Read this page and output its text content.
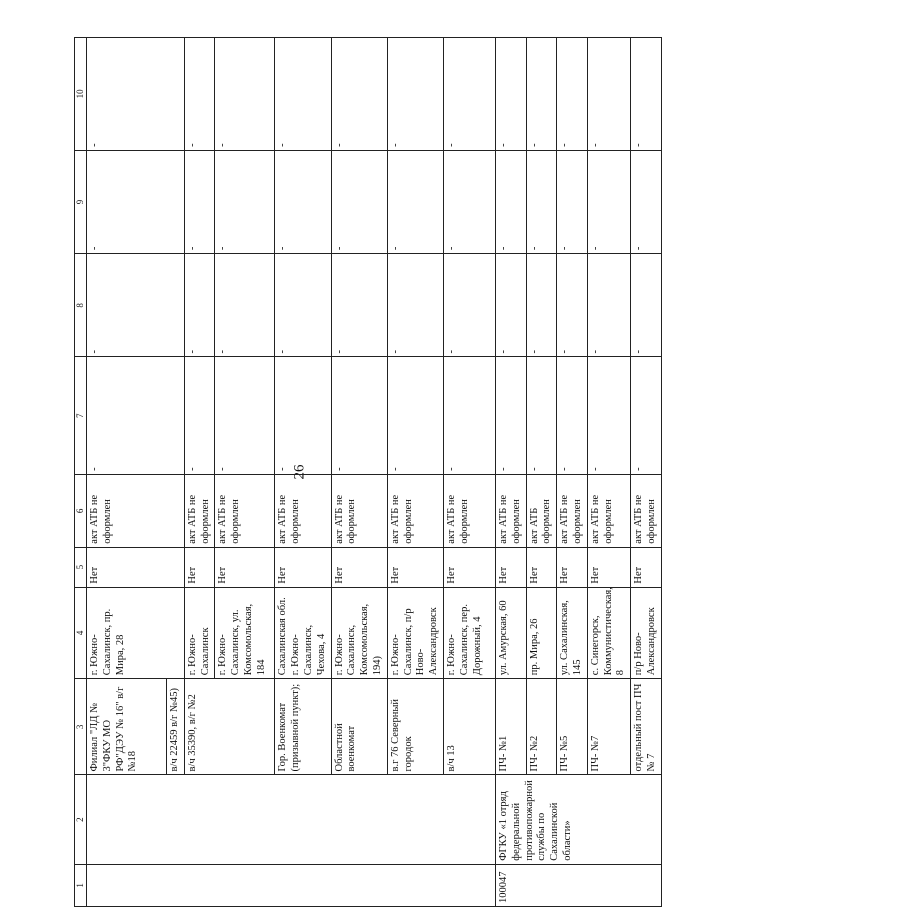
26
1	2	3	4	5	6	7	8	9	10
		Филиал "ЛД № 3"ФКУ МО РФ"ДЭУ № 16" в/г №18	г. Южно-Сахалинск, пр. Мира, 28	Нет	акт АТБ не оформлен	-	-	-	-
		в/ч 22459 в/г №45)							
		в/ч 35390, в/г №2	г. Южно-Сахалинск	Нет	акт АТБ не оформлен	-	-	-	-
			г. Южно-Сахалинск, ул. Комсомольская, 184	Нет	акт АТБ не оформлен	-	-	-	-
		Гор. Военкомат (призывной пункт);	Сахалинская обл. г. Южно-Сахалинск, Чехова, 4	Нет	акт АТБ не оформлен	-	-	-	-
		Областной военкомат	г. Южно-Сахалинск, Комсомольская, 194)	Нет	акт АТБ не оформлен	-	-	-	-
		в.г 76 Северный городок	г. Южно- Сахалинск, п/р Ново-Александровск	Нет	акт АТБ не оформлен	-	-	-	-
		в/ч 13	г. Южно-Сахалинск, пер. Дорожный, 4	Нет	акт АТБ не оформлен	-	-	-	-
100047	ФГКУ «1 отряд федеральной противопожарной службы по Сахалинской области»	ПЧ- №1	ул. Амурская, 60	Нет	акт АТБ не оформлен	-	-	-	-
		ПЧ- №2	пр. Мира, 26	Нет	акт АТБ оформлен	-	-	-	-
		ПЧ- №5	ул. Сахалинская, 145	Нет	акт АТБ не оформлен	-	-	-	-
		ПЧ- №7	с. Синегорск, Коммунистическая, 8	Нет	акт АТБ не оформлен	-	-	-	-
		отдельный пост ПЧ № 7	п/р Ново-Александровск	Нет	акт АТБ не оформлен	-	-	-	-
